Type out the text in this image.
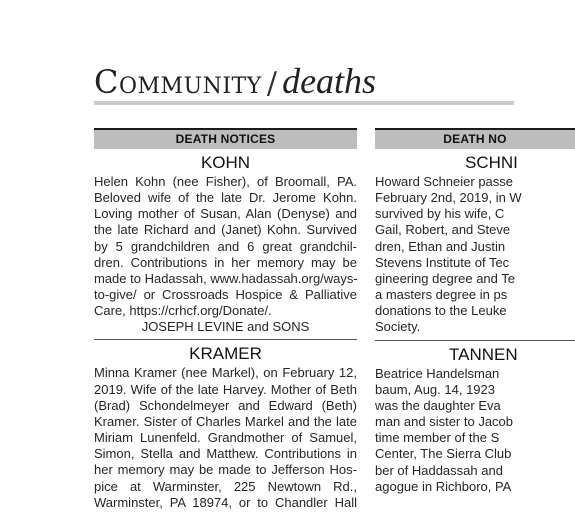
Community / deaths
DEATH NOTICES
KOHN
Helen Kohn (nee Fisher), of Broomall, PA.
Beloved wife of the late Dr. Jerome Kohn.
Loving mother of Susan, Alan (Denyse) and
the late Richard and (Janet) Kohn. Survived
by 5 grandchildren and 6 great grandchil-
dren. Contributions in her memory may be
made to Hadassah, www.hadassah.org/ways-
to-give/ or Crossroads Hospice & Palliative
Care, https://crhcf.org/Donate/.
JOSEPH LEVINE and SONS
KRAMER
Minna Kramer (nee Markel), on February 12,
2019. Wife of the late Harvey. Mother of Beth
(Brad) Schondelmeyer and Edward (Beth)
Kramer. Sister of Charles Markel and the late
Miriam Lunenfeld. Grandmother of Samuel,
Simon, Stella and Matthew. Contributions in
her memory may be made to Jefferson Hos-
pice at Warminster, 225 Newtown Rd.,
Warminster, PA 18974, or to Chandler Hall
DEATH NO
SCHNI
Howard Schneier passe
February 2nd, 2019, in W
survived by his wife, C
Gail, Robert, and Steve
dren, Ethan and Justin
Stevens Institute of Tec
gineering degree and Te
a masters degree in ps
donations to the Leuke
Society.
TANNEN
Beatrice Handelsman
baum, Aug. 14, 1923
was the daughter Eva
man and sister to Jacob
time member of the S
Center, The Sierra Club
ber of Haddassah and
agogue in Richboro, PA
